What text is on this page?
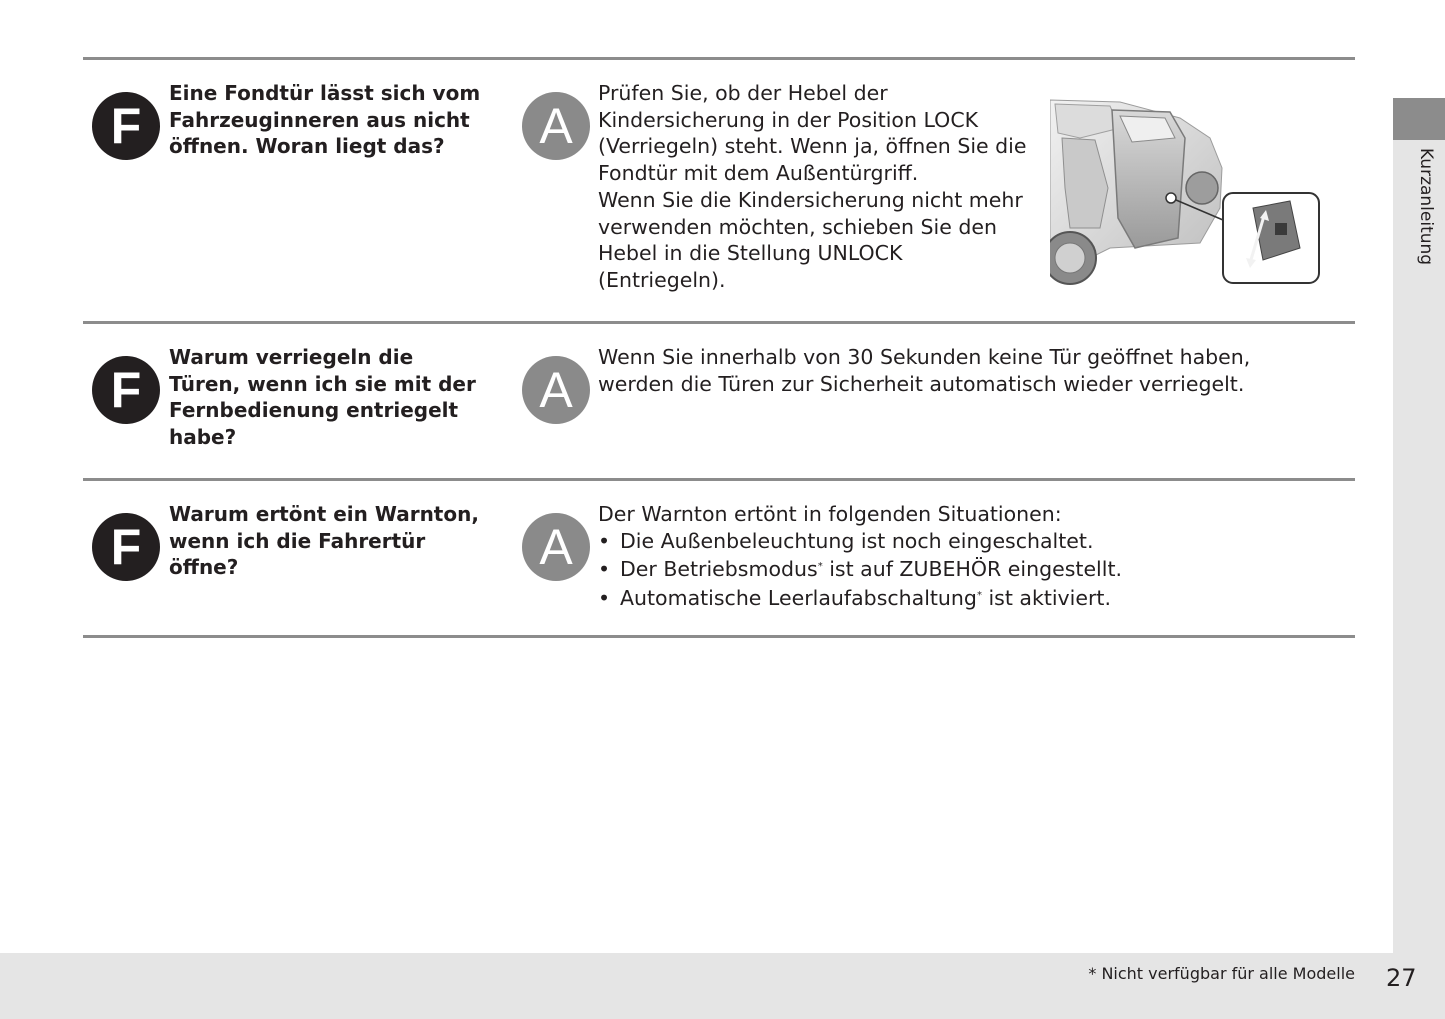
F
Eine Fondtür lässt sich vom Fahrzeuginneren aus nicht öffnen. Woran liegt das?	A
Prüfen Sie, ob der Hebel der
Kindersicherung in der Position LOCK
(Verriegeln) steht. Wenn ja, öffnen Sie die
Fondtür mit dem Außentürgriff.
Wenn Sie die Kindersicherung nicht mehr
verwenden möchten, schieben Sie den
Hebel in die Stellung UNLOCK
(Entriegeln).
F
Warum verriegeln die Türen, wenn ich sie mit der Fernbedienung entriegelt habe?
A
Wenn Sie innerhalb von 30 Sekunden keine Tür geöffnet haben,
werden die Türen zur Sicherheit automatisch wieder verriegelt.
F
Warum ertönt ein Warnton, wenn ich die Fahrertür öffne?	A
Der Warnton ertönt in folgenden Situationen:
• Die Außenbeleuchtung ist noch eingeschaltet.
• Der Betriebsmodus* ist auf ZUBEHÖR eingestellt.
• Automatische Leerlaufabschaltung* ist aktiviert.
Kurzanleitung
* Nicht verfügbar für alle Modelle 27
